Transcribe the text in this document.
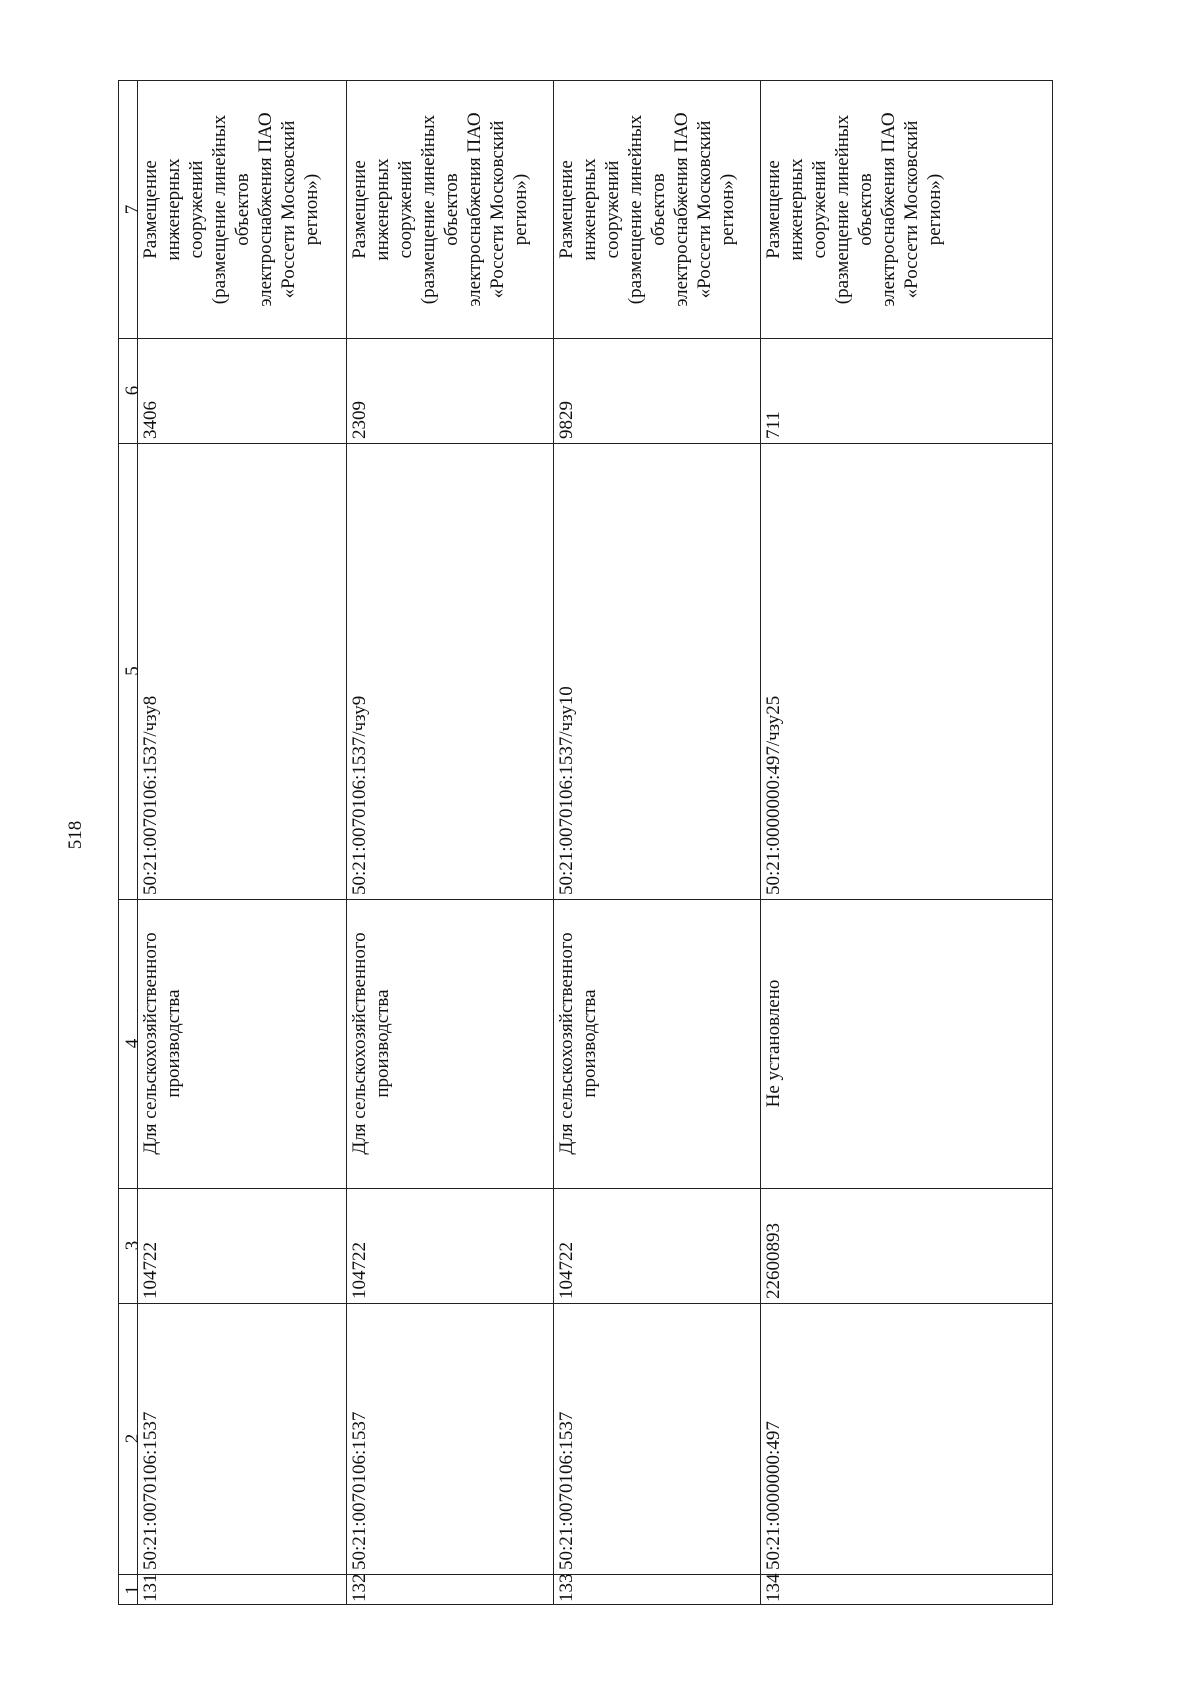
518
1
2
3
4
5
6
7
131
50:21:0070106:1537
104722
Для сельскохозяйственного производства
50:21:0070106:1537/чзу8
3406
Размещение инженерных сооружений (размещение линейных объектов электроснабжения ПАО «Россети Московский регион»)
132
50:21:0070106:1537
104722
Для сельскохозяйственного производства
50:21:0070106:1537/чзу9
2309
Размещение инженерных сооружений (размещение линейных объектов электроснабжения ПАО «Россети Московский регион»)
133
50:21:0070106:1537
104722
Для сельскохозяйственного производства
50:21:0070106:1537/чзу10
9829
Размещение инженерных сооружений (размещение линейных объектов электроснабжения ПАО «Россети Московский регион»)
134
50:21:0000000:497
22600893
Не установлено
50:21:0000000:497/чзу25
711
Размещение инженерных сооружений (размещение линейных объектов электроснабжения ПАО «Россети Московский регион»)
